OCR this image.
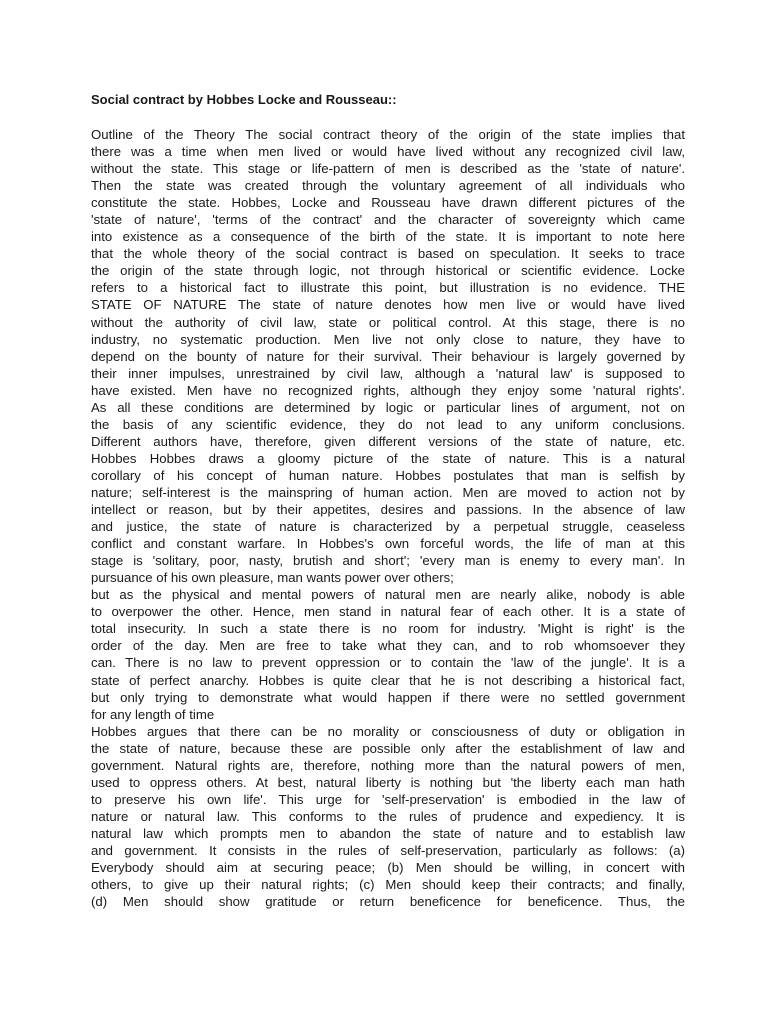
Social contract by Hobbes Locke and Rousseau::
Outline of the Theory The social contract theory of the origin of the state implies that
there was a time when men lived or would have lived without any recognized civil law,
without the state. This stage or life-pattern of men is described as the 'state of nature'.
Then the state was created through the voluntary agreement of all individuals who
constitute the state. Hobbes, Locke and Rousseau have drawn different pictures of the
'state of nature', 'terms of the contract' and the character of sovereignty which came
into existence as a consequence of the birth of the state. It is important to note here
that the whole theory of the social contract is based on speculation. It seeks to trace
the origin of the state through logic, not through historical or scientific evidence. Locke
refers to a historical fact to illustrate this point, but illustration is no evidence. THE
STATE OF NATURE The state of nature denotes how men live or would have lived
without the authority of civil law, state or political control. At this stage, there is no
industry, no systematic production. Men live not only close to nature, they have to
depend on the bounty of nature for their survival. Their behaviour is largely governed by
their inner impulses, unrestrained by civil law, although a 'natural law' is supposed to
have existed. Men have no recognized rights, although they enjoy some 'natural rights'.
As all these conditions are determined by logic or particular lines of argument, not on
the basis of any scientific evidence, they do not lead to any uniform conclusions.
Different authors have, therefore, given different versions of the state of nature, etc.
Hobbes Hobbes draws a gloomy picture of the state of nature. This is a natural
corollary of his concept of human nature. Hobbes postulates that man is selfish by
nature; self-interest is the mainspring of human action. Men are moved to action not by
intellect or reason, but by their appetites, desires and passions. In the absence of law
and justice, the state of nature is characterized by a perpetual struggle, ceaseless
conflict and constant warfare. In Hobbes's own forceful words, the life of man at this
stage is 'solitary, poor, nasty, brutish and short'; 'every man is enemy to every man'. In
pursuance of his own pleasure, man wants power over others;
but as the physical and mental powers of natural men are nearly alike, nobody is able
to overpower the other. Hence, men stand in natural fear of each other. It is a state of
total insecurity. In such a state there is no room for industry. 'Might is right' is the
order of the day. Men are free to take what they can, and to rob whomsoever they
can. There is no law to prevent oppression or to contain the 'law of the jungle'. It is a
state of perfect anarchy. Hobbes is quite clear that he is not describing a historical fact,
but only trying to demonstrate what would happen if there were no settled government
for any length of time
Hobbes argues that there can be no morality or consciousness of duty or obligation in
the state of nature, because these are possible only after the establishment of law and
government. Natural rights are, therefore, nothing more than the natural powers of men,
used to oppress others. At best, natural liberty is nothing but 'the liberty each man hath
to preserve his own life'. This urge for 'self-preservation' is embodied in the law of
nature or natural law. This conforms to the rules of prudence and expediency. It is
natural law which prompts men to abandon the state of nature and to establish law
and government. It consists in the rules of self-preservation, particularly as follows: (a)
Everybody should aim at securing peace; (b) Men should be willing, in concert with
others, to give up their natural rights; (c) Men should keep their contracts; and finally,
(d) Men should show gratitude or return beneficence for beneficence. Thus, the
